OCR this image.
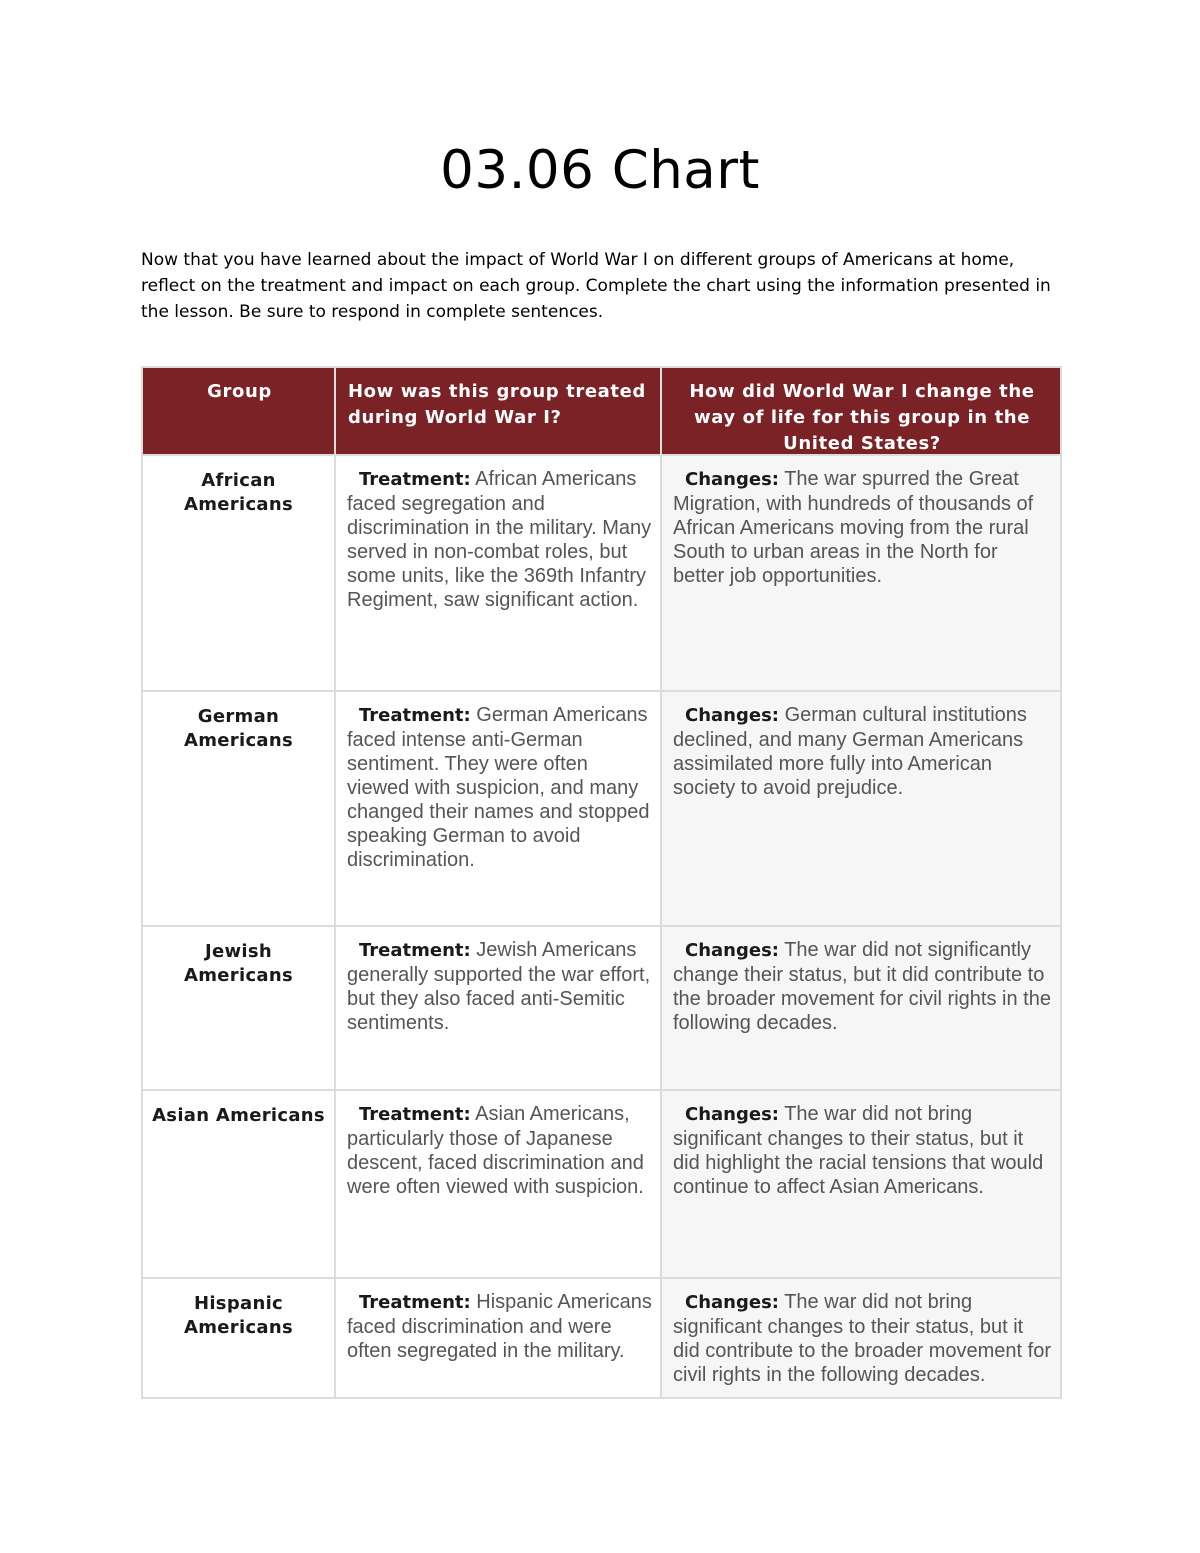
03.06 Chart

Now that you have learned about the impact of World War I on different groups of Americans at home, reflect on the treatment and impact on each group. Complete the chart using the information presented in the lesson. Be sure to respond in complete sentences.

Group	How was this group treated during World War I?	How did World War I change the way of life for this group in the United States?

African Americans	Treatment: African Americans faced segregation and discrimination in the military. Many served in non-combat roles, but some units, like the 369th Infantry Regiment, saw significant action.	Changes: The war spurred the Great Migration, with hundreds of thousands of African Americans moving from the rural South to urban areas in the North for better job opportunities.
German Americans	Treatment: German Americans faced intense anti-German sentiment. They were often viewed with suspicion, and many changed their names and stopped speaking German to avoid discrimination.	Changes: German cultural institutions declined, and many German Americans assimilated more fully into American society to avoid prejudice.
Jewish Americans	Treatment: Jewish Americans generally supported the war effort, but they also faced anti-Semitic sentiments.	Changes: The war did not significantly change their status, but it did contribute to the broader movement for civil rights in the following decades.
Asian Americans	Treatment: Asian Americans, particularly those of Japanese descent, faced discrimination and were often viewed with suspicion.	Changes: The war did not bring significant changes to their status, but it did highlight the racial tensions that would continue to affect Asian Americans.
Hispanic Americans	Treatment: Hispanic Americans faced discrimination and were often segregated in the military.	Changes: The war did not bring significant changes to their status, but it did contribute to the broader movement for civil rights in the following decades.
